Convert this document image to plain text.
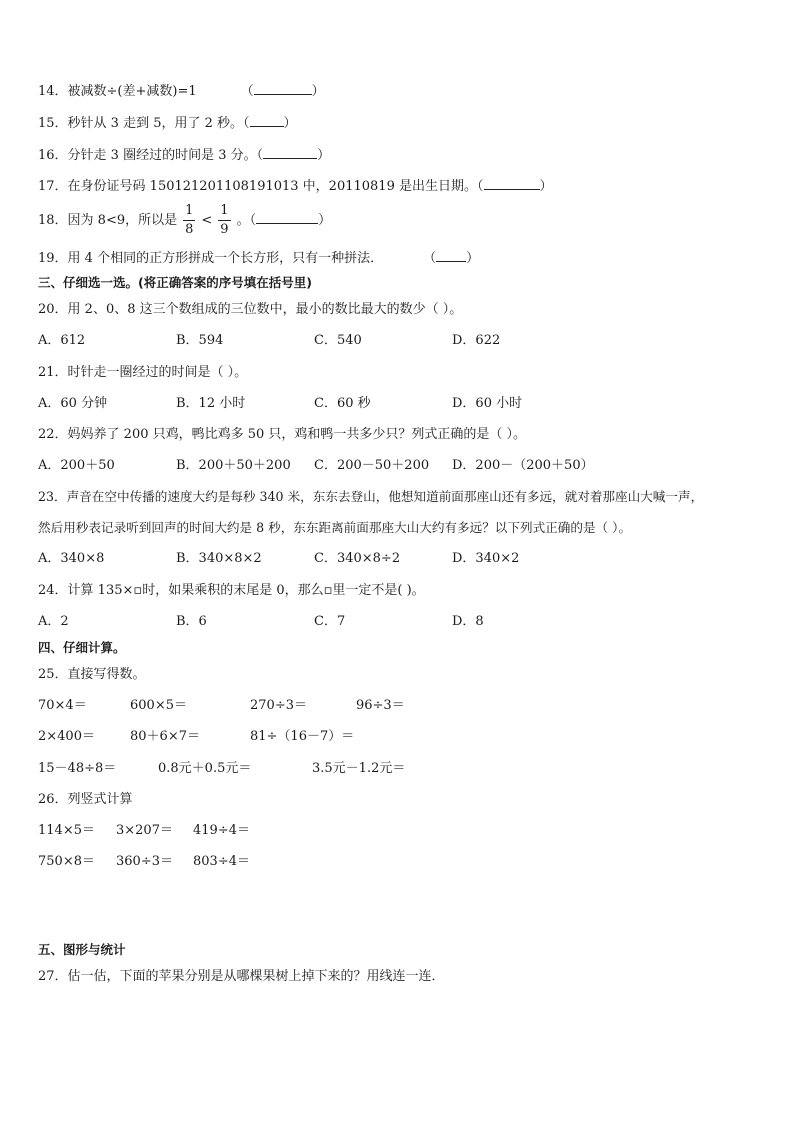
14．被减数÷(差+减数)=1	（	）
15．秒针从 3 走到 5，用了 2 秒。（	）
16．分针走 3 圈经过的时间是 3 分。（	）
17．在身份证号码 150121201108191013 中，20110819 是出生日期。（	）
18．因为 8<9，所以是 $\frac{1}{8} < \frac{1}{9}$ 。（	）
19．用 4 个相同的正方形拼成一个长方形，只有一种拼法．	（ ）
三、仔细选一选。(将正确答案的序号填在括号里)
20．用 2、0、8 这三个数组成的三位数中，最小的数比最大的数少（ ）。
A．612	B．594	C．540	D．622
21．时针走一圈经过的时间是（ ）。
A．60 分钟	B．12 小时	C．60 秒	D．60 小时
22．妈妈养了 200 只鸡，鸭比鸡多 50 只，鸡和鸭一共多少只？列式正确的是（ ）。
A．200＋50	B．200＋50＋200 C．200－50＋200 D．200－（200＋50）
23．声音在空中传播的速度大约是每秒 340 米，东东去登山，他想知道前面那座山还有多远，就对着那座山大喊一声，
然后用秒表记录听到回声的时间大约是 8 秒，东东距离前面那座大山大约有多远？以下列式正确的是（ ）。
A．340×8	B．340×8×2	C．340×8÷2	D．340×2
24．计算 135×▫时，如果乘积的末尾是 0，那么▫里一定不是( )。
A．2	B．6	C．7	D．8
四、仔细计算。
25．直接写得数。
70×4＝	600×5＝	270÷3＝	96÷3＝
2×400＝	80＋6×7＝	81÷（16－7）＝
15－48÷8＝	0.8元＋0.5元＝	3.5元－1.2元＝
26．列竖式计算
114×5＝ 3×207＝ 419÷4＝
750×8＝ 360÷3＝ 803÷4＝
五、图形与统计
27．估一估，下面的苹果分别是从哪棵果树上掉下来的？用线连一连．
